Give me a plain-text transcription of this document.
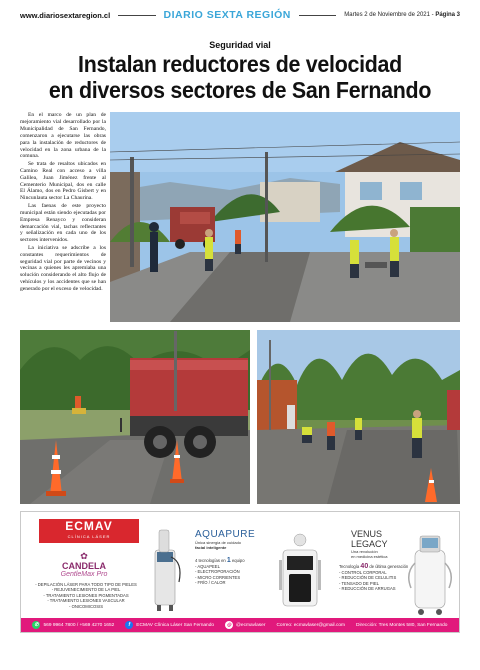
www.diariosextaregion.cl	DIARIO SEXTA REGIÓN	Martes 2 de Noviembre de 2021 - Página 3
Seguridad vial
Instalan reductores de velocidad
en diversos sectores de San Fernando

En el marco de un plan de mejoramiento vial desarrollado por la Municipalidad de San Fernando, comenzaron a ejecutarse las obras para la instalación de reductores de velocidad en la zona urbana de la comuna.

Se trata de resaltos ubicados en Camino Real con acceso a villa Galilea, Juan Jiménez frente al Cementerio Municipal, dos en calle El Álamo, dos en Pedro Gisbert y en Nincunlauta sector La Chaurina.

Las faenas de este proyecto municipal están siendo ejecutadas por Empresa Renayco y consideran demarcación vial, tachas reflectantes y señalización en cada uno de los sectores intervenidos.

La iniciativa se adscribe a los constantes requerimientos de seguridad vial por parte de vecinos y vecinas a quienes les apremiaba una solución considerando el alto flujo de vehículos y los accidentes que se han generado por el exceso de velocidad.

ECMAV
CLÍNICA LÁSER
✿
CANDELA
GentleMax Pro
- DEPILACIÓN LÁSER PARA TODO TIPO DE PIELES
- REJUVENECIMIENTO DE LA PIEL
- TRATAMIENTO LESIONES PIGMENTADAS
- TRATAMIENTO LESIONES VASCULAR
- ONICOMICOSIS
AQUAPURE
Única sinergia de cuidado
facial inteligente
4 tecnologías en 1 equipo
- AQUAPEEL
- ELECTROPORACIÓN
- MICRO CORRIENTES
- FRÍO / CALOR
VENUS LEGACY
Una revolución
en medicina estética
Tecnología 40 de última generación
- CONTROL CORPORAL
- REDUCCIÓN DE CELULITIS
- TENSADO DE PIEL
- REDUCCIÓN DE ARRUGAS
✆	569 9964 7800 / +569 4270 1652	f	ECMAV Clínica Láser San Fernando	◎	@ecmavlaser Correo: ecmavlaser@gmail.com Dirección: Tres Montes 580, San Fernando
